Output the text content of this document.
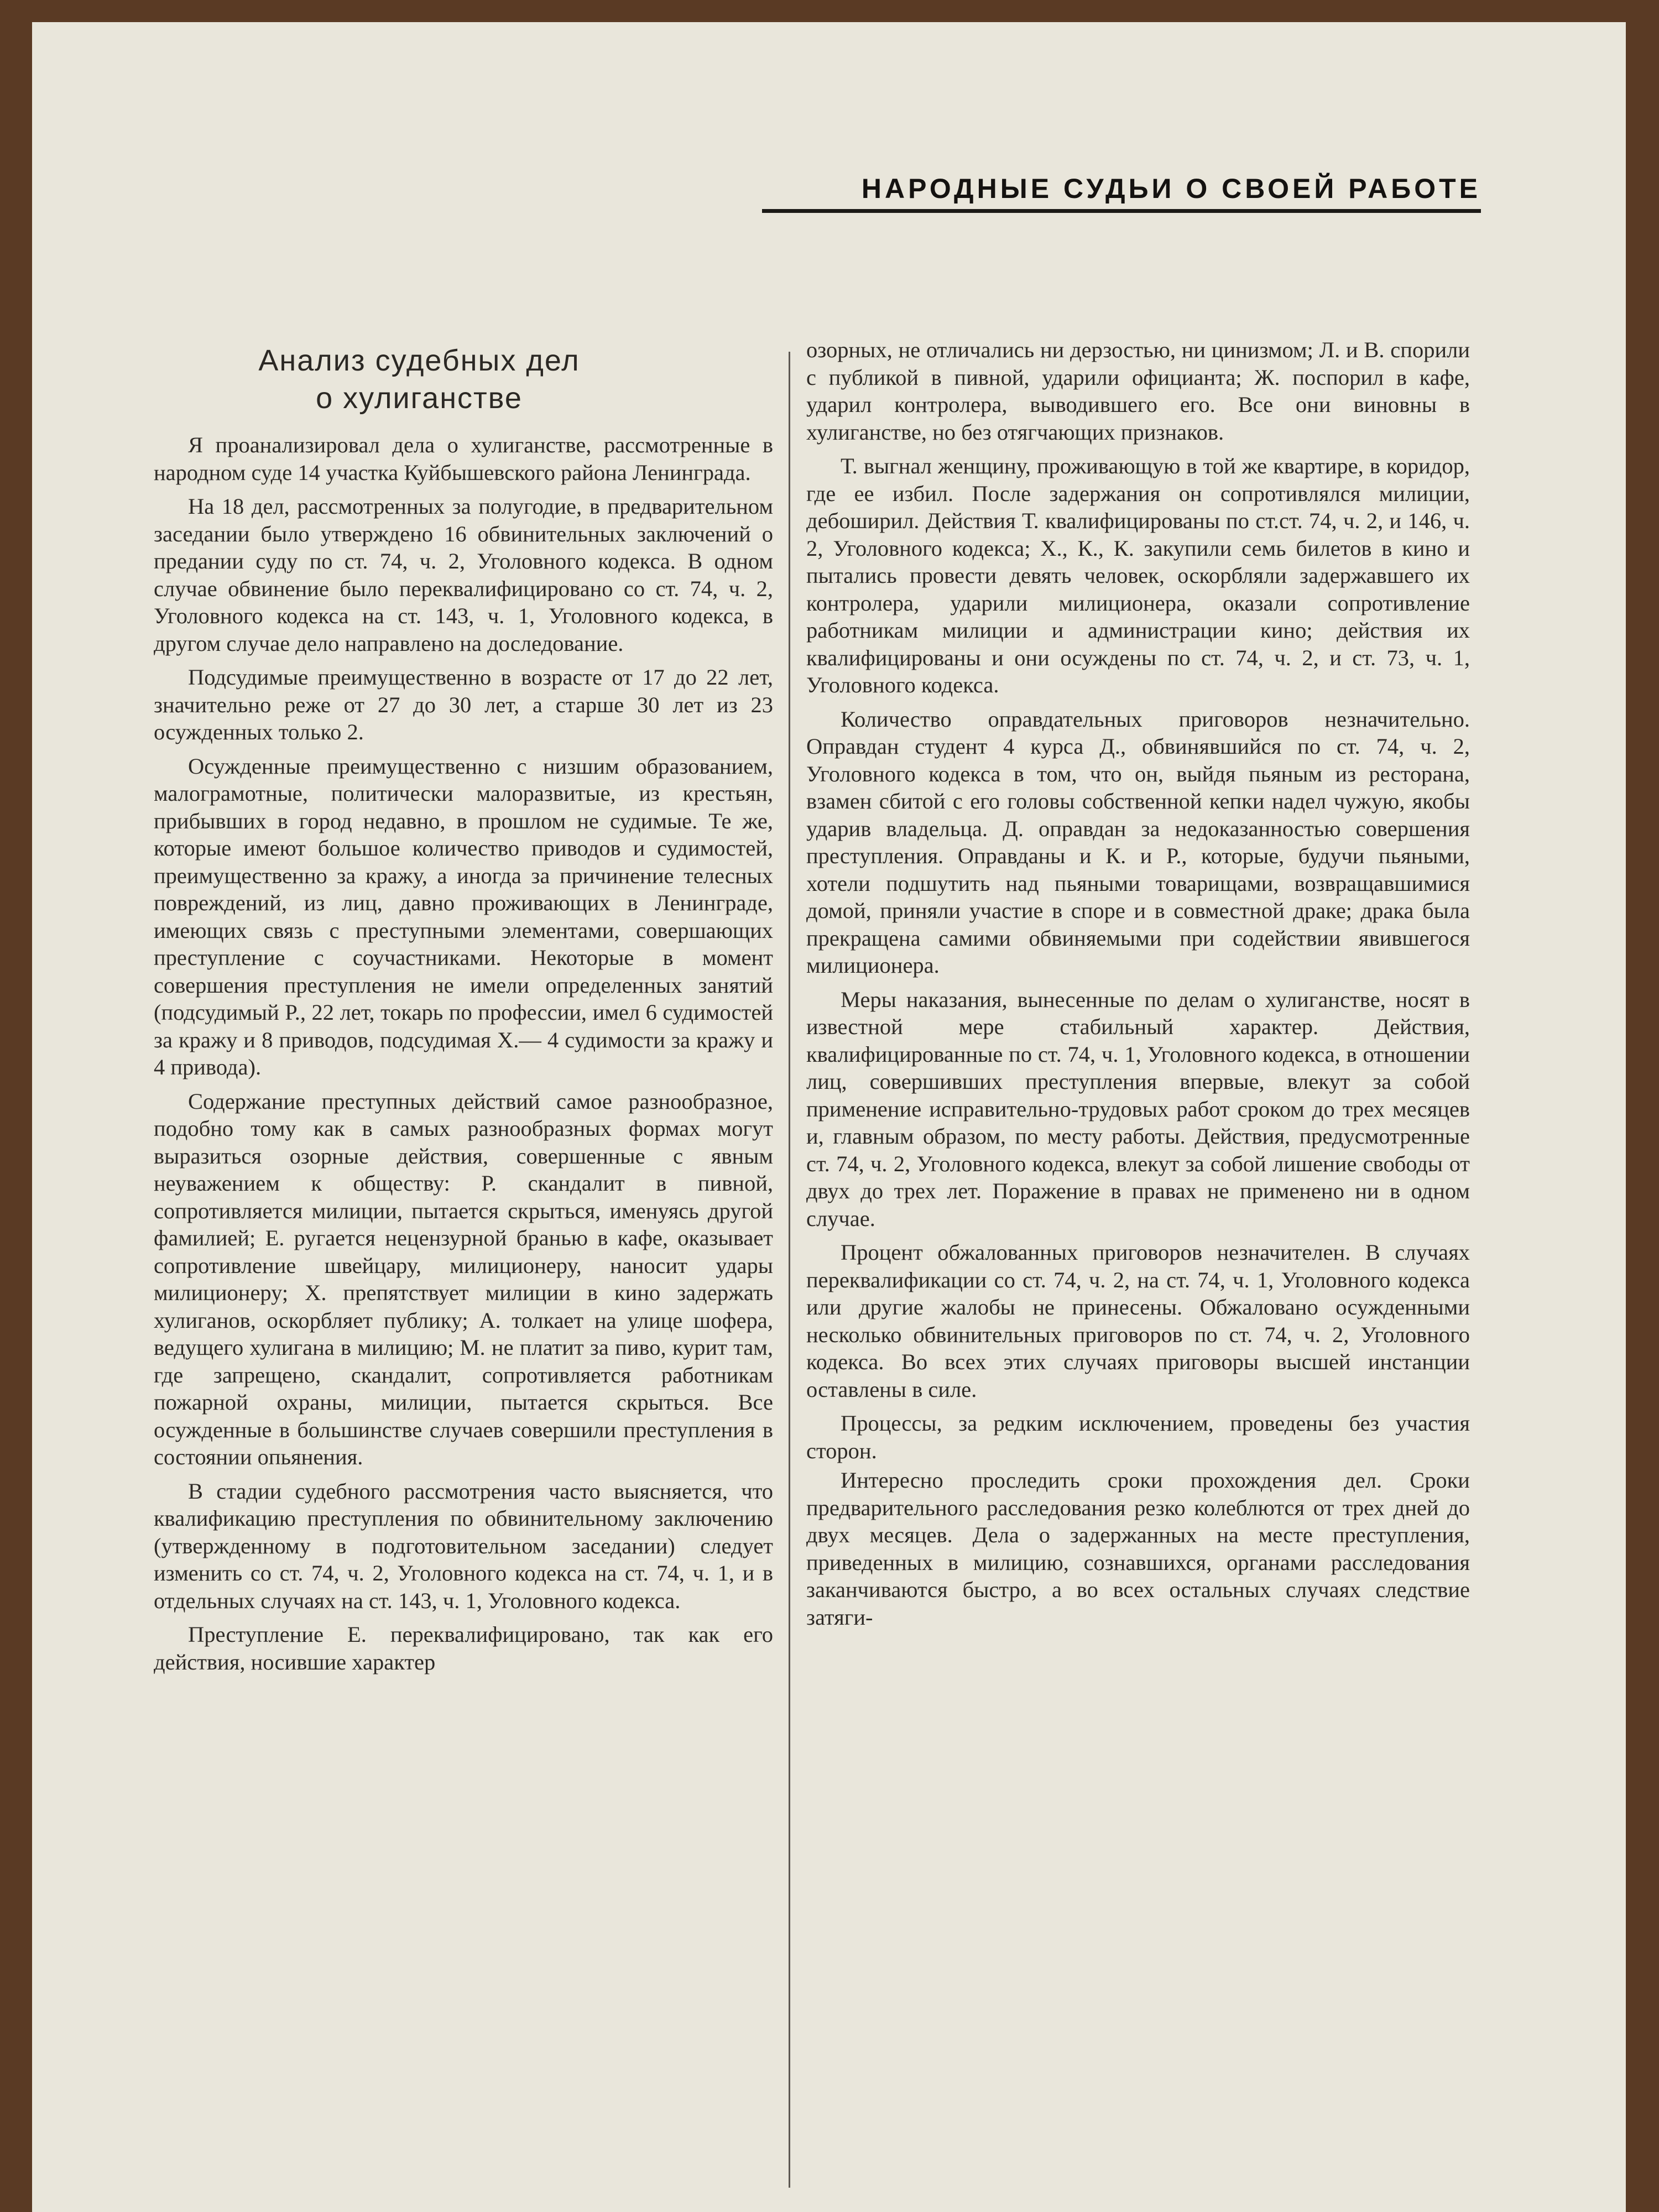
НАРОДНЫЕ СУДЬИ О СВОЕЙ РАБОТЕ
Анализ судебных дел
о хулиганстве

Я проанализировал дела о хулиганстве, рассмотренные в народном суде 14 участка Куйбышевского района Ленинграда.

На 18 дел, рассмотренных за полугодие, в предварительном заседании было утверждено 16 обвинительных заключений о предании суду по ст. 74, ч. 2, Уголовного кодекса. В одном случае обвинение было переквалифицировано со ст. 74, ч. 2, Уголовного кодекса на ст. 143, ч. 1, Уголовного кодекса, в другом случае дело направлено на доследование.

Подсудимые преимущественно в возрасте от 17 до 22 лет, значительно реже от 27 до 30 лет, а старше 30 лет из 23 осужденных только 2.

Осужденные преимущественно с низшим образованием, малограмотные, политически малоразвитые, из крестьян, прибывших в город недавно, в прошлом не судимые. Те же, которые имеют большое количество приводов и судимостей, преимущественно за кражу, а иногда за причинение телесных повреждений, из лиц, давно проживающих в Ленинграде, имеющих связь с преступными элементами, совершающих преступление с соучастниками. Некоторые в момент совершения преступления не имели определенных занятий (подсудимый Р., 22 лет, токарь по профессии, имел 6 судимостей за кражу и 8 приводов, подсудимая Х.— 4 судимости за кражу и 4 привода).

Содержание преступных действий самое разнообразное, подобно тому как в самых разнообразных формах могут выразиться озорные действия, совершенные с явным неуважением к обществу: Р. скандалит в пивной, сопротивляется милиции, пытается скрыться, именуясь другой фамилией; Е. ругается нецензурной бранью в кафе, оказывает сопротивление швейцару, милиционеру, наносит удары милиционеру; Х. препятствует милиции в кино задержать хулиганов, оскорбляет публику; А. толкает на улице шофера, ведущего хулигана в милицию; М. не платит за пиво, курит там, где запрещено, скандалит, сопротивляется работникам пожарной охраны, милиции, пытается скрыться. Все осужденные в большинстве случаев совершили преступления в состоянии опьянения.

В стадии судебного рассмотрения часто выясняется, что квалификацию преступления по обвинительному заключению (утвержденному в подготовительном заседании) следует изменить со ст. 74, ч. 2, Уголовного кодекса на ст. 74, ч. 1, и в отдельных случаях на ст. 143, ч. 1, Уголовного кодекса.

Преступление Е. переквалифицировано, так как его действия, носившие характер

озорных, не отличались ни дерзостью, ни цинизмом; Л. и В. спорили с публикой в пивной, ударили официанта; Ж. поспорил в кафе, ударил контролера, выводившего его. Все они виновны в хулиганстве, но без отягчающих признаков.

Т. выгнал женщину, проживающую в той же квартире, в коридор, где ее избил. После задержания он сопротивлялся милиции, дебоширил. Действия Т. квалифицированы по ст.ст. 74, ч. 2, и 146, ч. 2, Уголовного кодекса; Х., К., К. закупили семь билетов в кино и пытались провести девять человек, оскорбляли задержавшего их контролера, ударили милиционера, оказали сопротивление работникам милиции и администрации кино; действия их квалифицированы и они осуждены по ст. 74, ч. 2, и ст. 73, ч. 1, Уголовного кодекса.

Количество оправдательных приговоров незначительно. Оправдан студент 4 курса Д., обвинявшийся по ст. 74, ч. 2, Уголовного кодекса в том, что он, выйдя пьяным из ресторана, взамен сбитой с его головы собственной кепки надел чужую, якобы ударив владельца. Д. оправдан за недоказанностью совершения преступления. Оправданы и К. и Р., которые, будучи пьяными, хотели подшутить над пьяными товарищами, возвращавшимися домой, приняли участие в споре и в совместной драке; драка была прекращена самими обвиняемыми при содействии явившегося милиционера.

Меры наказания, вынесенные по делам о хулиганстве, носят в известной мере стабильный характер. Действия, квалифицированные по ст. 74, ч. 1, Уголовного кодекса, в отношении лиц, совершивших преступления впервые, влекут за собой применение исправительно-трудовых работ сроком до трех месяцев и, главным образом, по месту работы. Действия, предусмотренные ст. 74, ч. 2, Уголовного кодекса, влекут за собой лишение свободы от двух до трех лет. Поражение в правах не применено ни в одном случае.

Процент обжалованных приговоров незначителен. В случаях переквалификации со ст. 74, ч. 2, на ст. 74, ч. 1, Уголовного кодекса или другие жалобы не принесены. Обжаловано осужденными несколько обвинительных приговоров по ст. 74, ч. 2, Уголовного кодекса. Во всех этих случаях приговоры высшей инстанции оставлены в силе.

Процессы, за редким исключением, проведены без участия сторон.

Интересно проследить сроки прохождения дел. Сроки предварительного расследования резко колеблются от трех дней до двух месяцев. Дела о задержанных на месте преступления, приведенных в милицию, сознавшихся, органами расследования заканчиваются быстро, а во всех остальных случаях следствие затяги-
